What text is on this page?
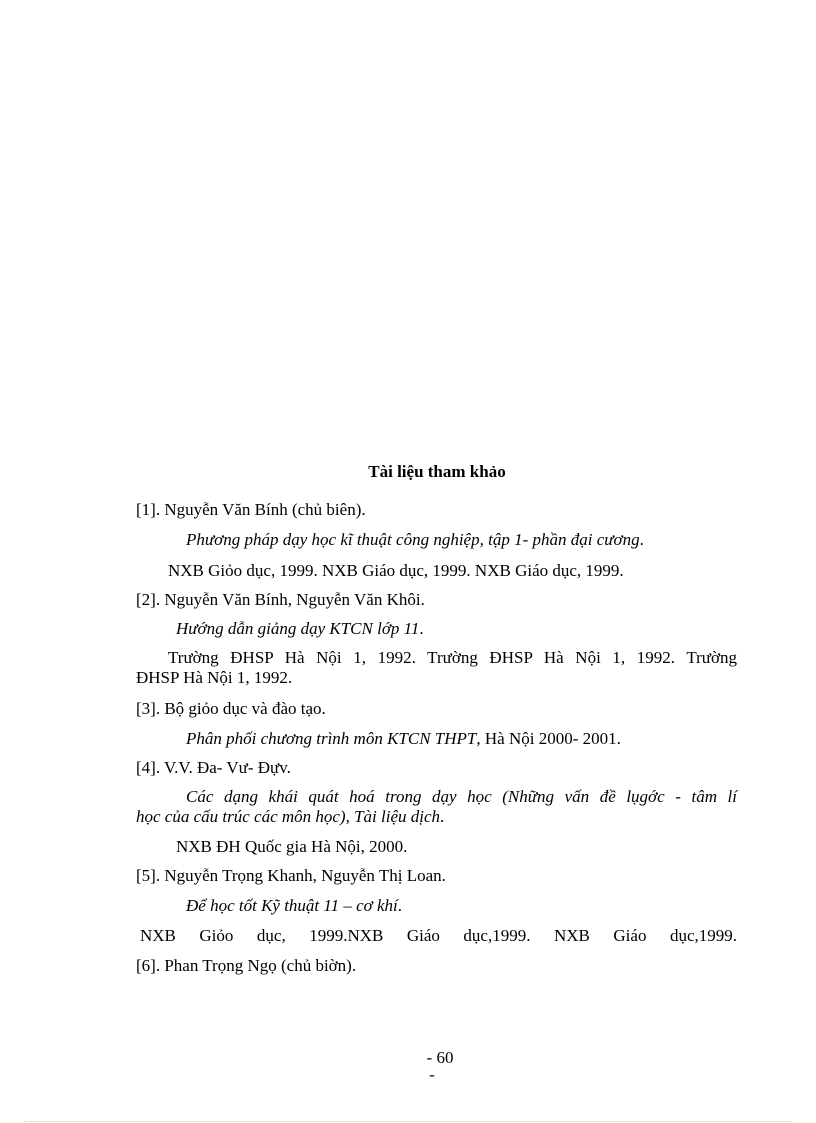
Tài liệu tham khảo
[1]. Nguyễn Văn Bính (chủ biên).
Phương pháp dạy học kĩ thuật công nghiệp, tập 1- phần đại cương.
NXB Giỏo dục, 1999. NXB Giáo dục, 1999. NXB Giáo dục, 1999.
[2]. Nguyễn Văn Bính, Nguyễn Văn Khôi.
Hướng dẫn giảng dạy KTCN lớp 11.
Trường ĐHSP Hà Nội 1, 1992. Trường ĐHSP Hà Nội 1, 1992. Trường
ĐHSP Hà Nội 1, 1992.
[3]. Bộ giỏo dục và đào tạo.
Phân phối chương trình môn KTCN THPT, Hà Nội 2000- 2001.
[4]. V.V. Đa- Vư- Đựv.
Các dạng khái quát hoá trong dạy học (Những vấn đề lụgớc - tâm lí
học của cấu trúc các môn học), Tài liệu dịch.
NXB ĐH Quốc gia Hà Nội, 2000.
[5]. Nguyễn Trọng Khanh, Nguyễn Thị Loan.
Để học tốt Kỹ thuật 11 – cơ khí.
NXB Giỏo dục, 1999.NXB Giáo dục,1999. NXB Giáo dục,1999.
[6]. Phan Trọng Ngọ (chủ biờn).
- 60
-
